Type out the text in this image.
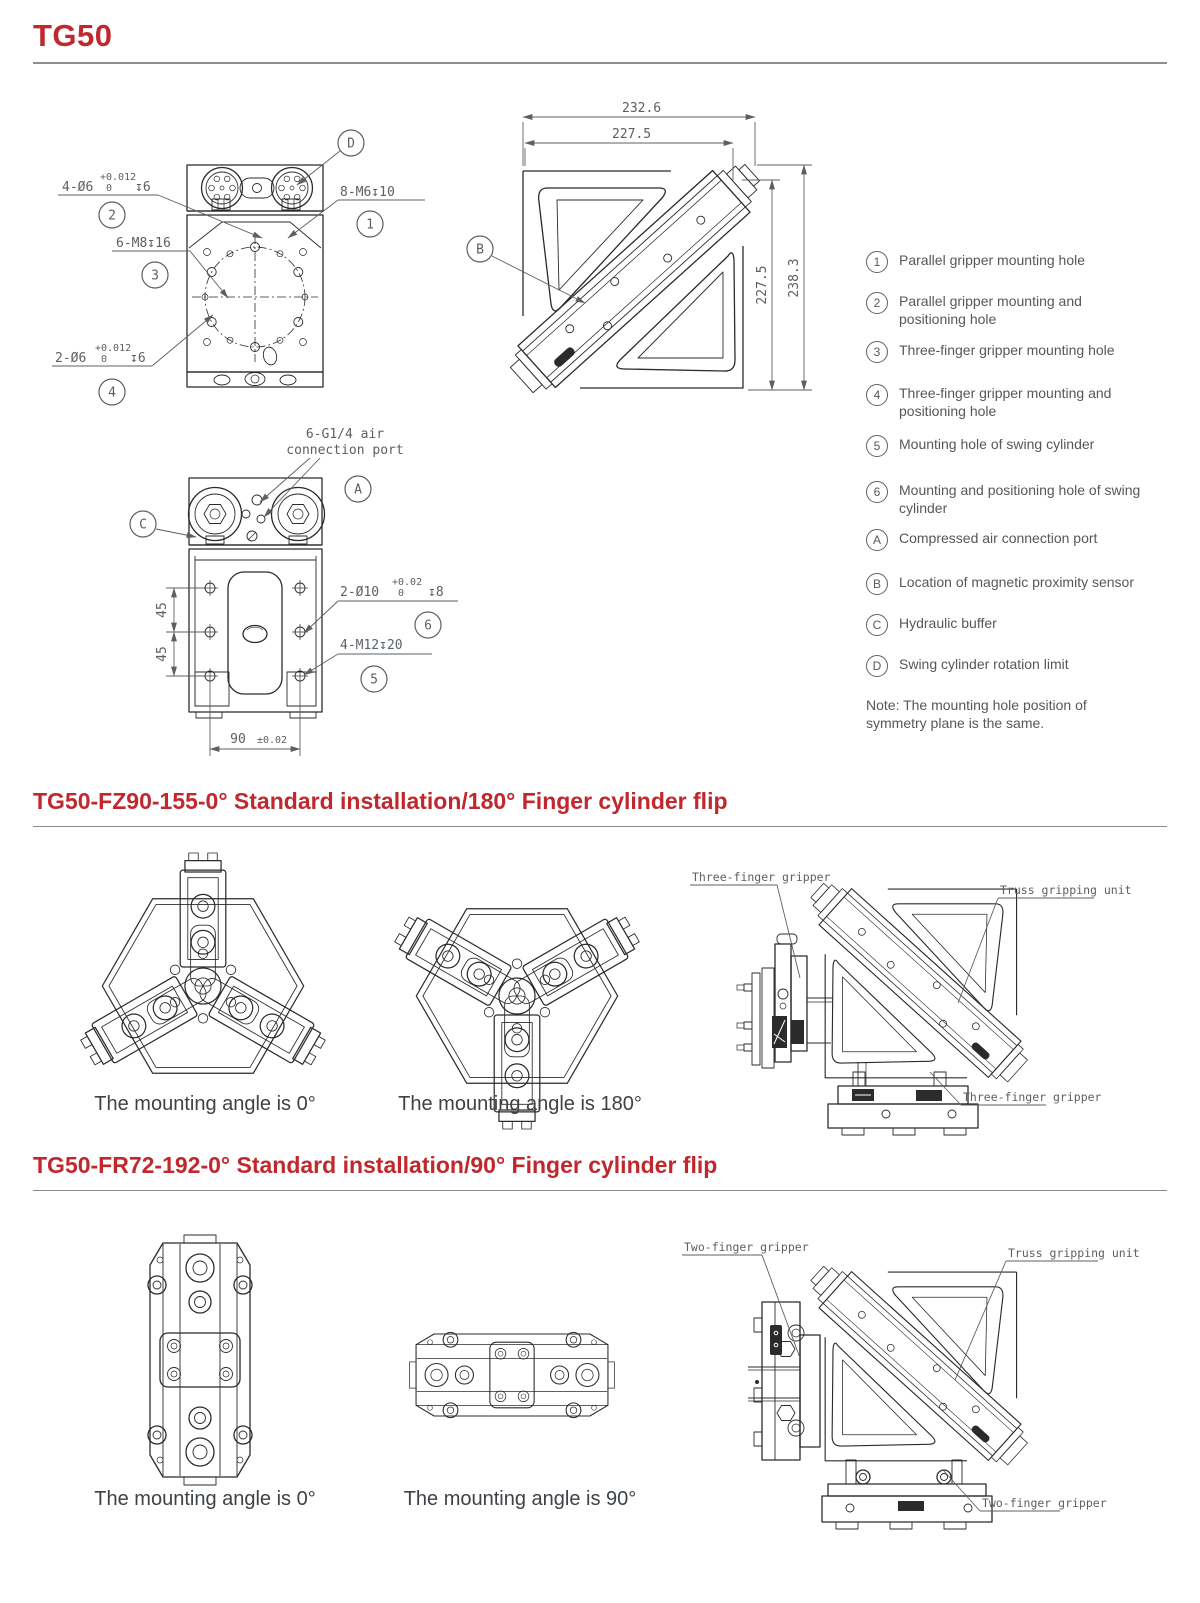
TG50
4-Ø6
+0.012
0 ↧6
2
D
8-M6↧10
1
6-M8↧16
3
2-Ø6
+0.012
0 ↧6
4
232.6
227.5
227.5 238.3
B
6-G1/4 air
connection port
A
C
45
45
2-Ø10
+0.02
0 ↧8
6
4-M12↧20
5
90 ±0.02
1	Parallel gripper mounting hole
2	Parallel gripper mounting and positioning hole
3	Three-finger gripper mounting hole
4	Three-finger gripper mounting and positioning hole
5	Mounting hole of swing cylinder
6	Mounting and positioning hole of swing cylinder
A	Compressed air connection port
B	Location of magnetic proximity sensor
C	Hydraulic buffer
D	Swing cylinder rotation limit
Note: The mounting hole position of symmetry plane is the same.
TG50-FZ90-155-0° Standard installation/180° Finger cylinder flip
Three-finger gripper
Truss gripping unit
Three-finger gripper
The mounting angle is 0°	The mounting angle is 180°
TG50-FR72-192-0° Standard installation/90° Finger cylinder flip
Two-finger gripper	Truss gripping unit
Two-finger gripper
The mounting angle is 0°	The mounting angle is 90°
